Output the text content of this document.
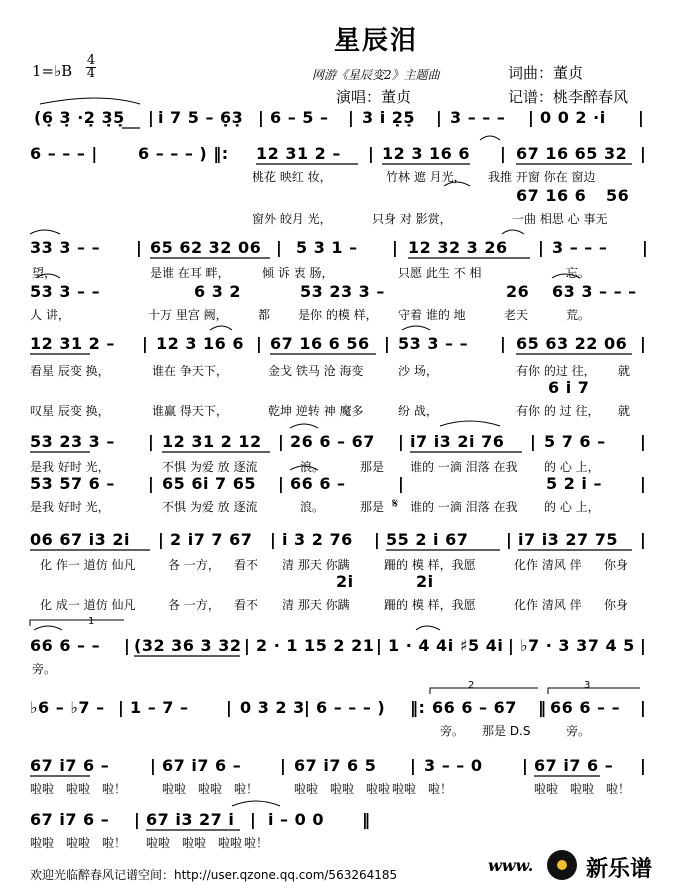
星辰泪
1=♭B
4
4	网游《星辰变2》主题曲	词曲：董贞
演唱：董贞	记谱：桃李醉春风
(6̣ 3̣ ·2̣ 3̣5̣ | i 7 5 – 6̣3̣ | 6 – 5 – | 3 i 2̣5̣ | 3 – – – | 0 0 2 ·i |
6 – – – |	6 – – – ) ‖: 12 31 2 – | 12 3 16 6 | 67 16 65 32 |
桃花 映红 妆，	竹林 遮 月光， 我推 开窗 你在 窗边
67 16 6 56
窗外 皎月 光，	只身 对 影赏，	一曲 相思 心 事无
33 3 – – | 65 62 32 06 | 5 3 1 – | 12 32 3 26 | 3 – – – |
望，	是谁 在耳 畔，	倾 诉 衷 肠，	只愿 此生 不 相	忘。
53 3 – –	6 3 2	53 23 3 –	26 63 3 – – –
人 讲，	十万 里宫 阙，	都 是你 的模 样， 守着 谁的 地	老天	荒。
12 31 2 – | 12 3 16 6 | 67 16 6 56 | 53 3 – – | 65 63 22 06 |
看星 辰变 换，	谁在 争天下，	金戈 铁马 沧 海变	沙 场，	有你 的过 往， 就
6 i 7
叹星 辰变 换，	谁赢 得天下，	乾坤 逆转 神 魔多	纷 战，	有你 的 过 往， 就
53 23 3 – | 12 31 2 12 | 26 6 – 67 | i7 i3 2i 76 | 5 7 6 – |
是我 好时 光，	不惧 为爱 放 逐流	浪。	那是 谁的 一滴 泪落 在我 的 心 上，
53 57 6 – | 65 6i 7 65 | 66 6 –	|	5 2 i – |
是我 好时 光，	不惧 为爱 放 逐流	浪。	那是 谁的 一滴 泪落 在我 的 心 上，
𝄋
06 67 i3 2i | 2 i7 7 67 | i 3 2 76 | 55 2 i 67 | i7 i3 27 75 |
化 作一 道仿 仙凡	各 一方， 看不 清 那天 你蹒	跚的 模 样，我愿	化作 清风 伴 你身
2i	2i
化 成一 道仿 仙凡	各 一方， 看不 清 那天 你蹒	跚的 模 样，我愿	化作 清风 伴 你身
1
66 6 – – | (32 36 3 32 | 2 · 1 15 2 21 | 1 · 4 4i ♯5 4i | ♭7 · 3 37 4 5 |
旁。
2	3
♭6 – ♭7 – | 1 – 7 – | 0 3 2 3 | 6 – – – ) ‖: 66 6 – 67 ‖ 66 6 – – |
旁。 那是 D.S	旁。
67 i7 6 –	| 67 i7 6 – | 67 i7 6 5 | 3 – – 0 | 67 i7 6 – |
啦啦 啦啦 啦！	啦啦 啦啦 啦！	啦啦 啦啦 啦啦 啦啦 啦！	啦啦 啦啦 啦！
67 i7 6 – | 67 i3 27 i | i – 0 0 ‖
啦啦 啦啦 啦！ 啦啦 啦啦 啦啦 啦！
欢迎光临醉春风记谱空间：http://user.qzone.qq.com/563264185	www. 新乐谱
